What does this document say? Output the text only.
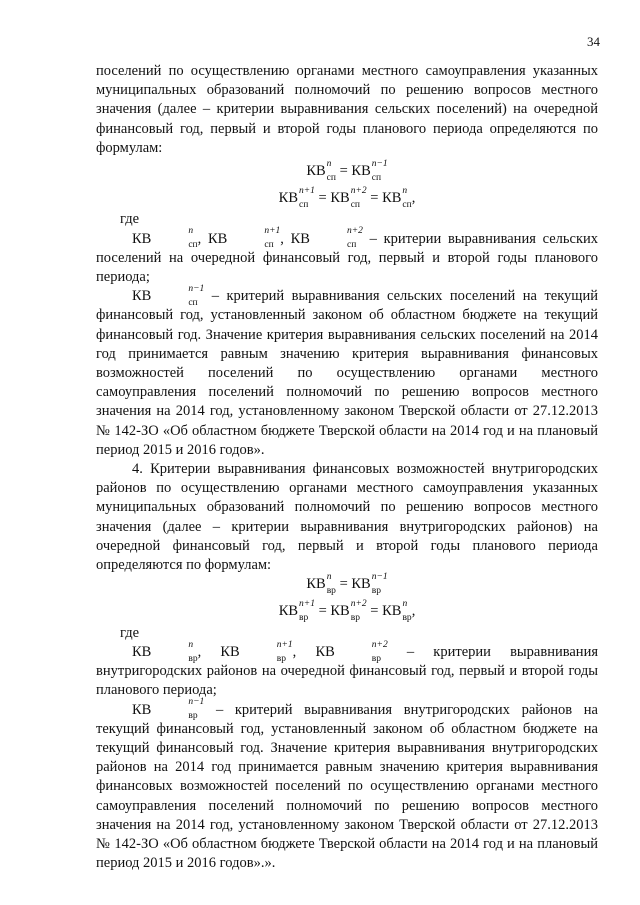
34

поселений по осуществлению органами местного самоуправления указанных муниципальных образований полномочий по решению вопросов местного значения (далее – критерии выравнивания сельских поселений) на очередной финансовый год, первый и второй годы планового периода определяются по формулам:

КВ n
сп = КВ n−1
сп
КВ n+1
сп = КВ n+2
сп = КВ n
сп ,

где

КВ	n
сп , КВ	n+1
сп , КВ	n+2
сп – критерии выравнивания сельских поселений на очередной финансовый год, первый и второй годы планового периода;

КВ	n−1
сп – критерий выравнивания сельских поселений на текущий финансовый год, установленный законом об областном бюджете на текущий финансовый год. Значение критерия выравнивания сельских поселений на 2014 год принимается равным значению критерия выравнивания финансовых возможностей поселений по осуществлению органами местного самоуправления поселений полномочий по решению вопросов местного значения на 2014 год, установленному законом Тверской области от 27.12.2013 № 142-ЗО «Об областном бюджете Тверской области на 2014 год и на плановый период 2015 и 2016 годов».

4. Критерии выравнивания финансовых возможностей внутригородских районов по осуществлению органами местного самоуправления указанных муниципальных образований полномочий по решению вопросов местного значения (далее – критерии выравнивания внутригородских районов) на очередной финансовый год, первый и второй годы планового периода определяются по формулам:

КВ n
вр = КВ n−1
вр
КВ n+1
вр = КВ n+2
вр = КВ n
вр ,

где

КВ	n
вр , КВ	n+1
вр , КВ	n+2
вр – критерии выравнивания внутригородских районов на очередной финансовый год, первый и второй годы планового периода;

КВ	n−1
вр – критерий выравнивания внутригородских районов на текущий финансовый год, установленный законом об областном бюджете на текущий финансовый год. Значение критерия выравнивания внутригородских районов на 2014 год принимается равным значению критерия выравнивания финансовых возможностей поселений по осуществлению органами местного самоуправления поселений полномочий по решению вопросов местного значения на 2014 год, установленному законом Тверской области от 27.12.2013 № 142-ЗО «Об областном бюджете Тверской области на 2014 год и на плановый период 2015 и 2016 годов».».
